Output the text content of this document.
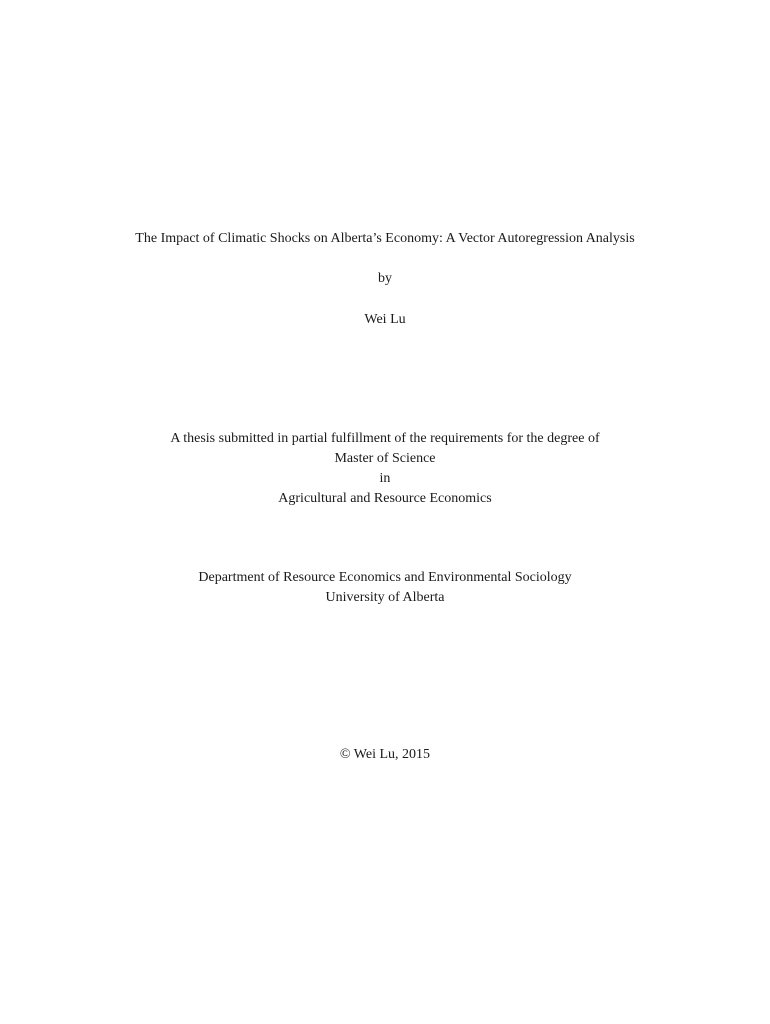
The Impact of Climatic Shocks on Alberta’s Economy: A Vector Autoregression Analysis
by
Wei Lu
A thesis submitted in partial fulfillment of the requirements for the degree of
Master of Science
in
Agricultural and Resource Economics
Department of Resource Economics and Environmental Sociology
University of Alberta
© Wei Lu, 2015
